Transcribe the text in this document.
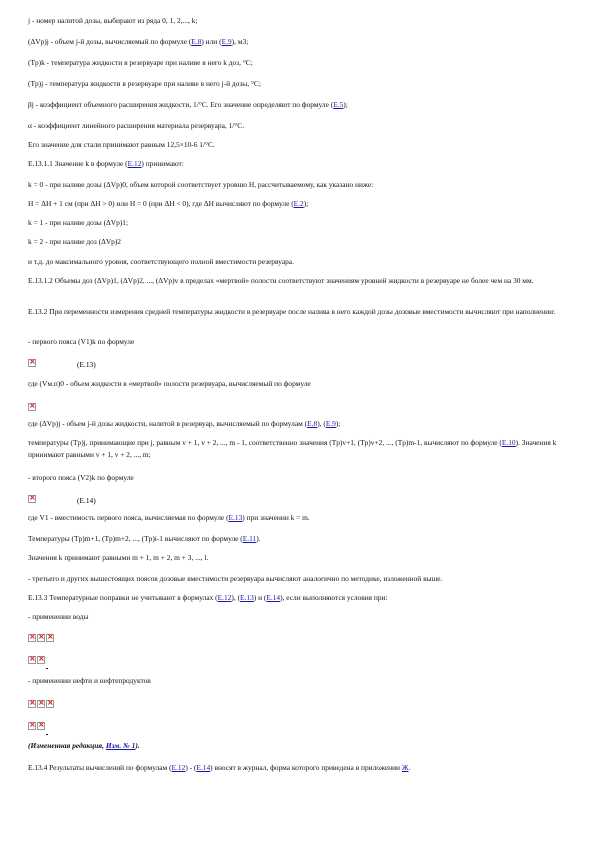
j - номер налитой дозы, выбирают из ряда 0, 1, 2,..., k;

(ΔVp)j - объем j-й дозы, вычисляемый по формуле (Е.8) или (Е.9), м3;

(Tp)k - температура жидкости в резервуаре при наливе в него k доз, °С;

(Tp)j - температура жидкости в резервуаре при наливе в него j-й дозы, °С;

βj - коэффициент объемного расширения жидкости, 1/°С. Его значение определяют по формуле (Е.5);

α - коэффициент линейного расширения материала резервуара, 1/°С.

Его значение для стали принимают равным 12,5×10-6 1/°С.

Е.13.1.1 Значение k в формуле (Е.12) принимают:

k = 0 - при наливе дозы (ΔVp)0, объем которой соответствует уровню H, рассчитываемому, как указано ниже:

H = ΔH + 1 см (при ΔH > 0) или H = 0 (при ΔH < 0), где ΔH вычисляют по формуле (Е.2);

k = 1 - при наливе дозы (ΔVp)1;

k = 2 - при наливе доз (ΔVp)2

и т.д. до максимального уровня, соответствующего полной вместимости резервуара.

Е.13.1.2 Объемы доз (ΔVp)1, (ΔVp)2, ..., (ΔVp)v в пределах «мертвой» полости соответствуют значениям уровней жидкости в резервуаре не более чем на 30 мм.

Е.13.2 При переменности измерения средней температуры жидкости в резервуаре после налива в него каждой дозы дозовые вместимости вычисляют при наполнении:

- первого пояса (V1)k по формуле

× (Е.13)

где (Vм.п)0 - объем жидкости в «мертвой» полости резервуара, вычисляемый по формуле

×

где (ΔVp)j - объем j-й дозы жидкости, налитой в резервуар, вычисляемый по формулам (Е.8), (Е.9);

температуры (Tp)j, принимающие при j, равным v + 1, v + 2, ..., m - 1, соответственно значения (Tp)v+1, (Tp)v+2, ..., (Tp)m-1, вычисляют по формуле (Е.10). Значения k принимают равными v + 1, v + 2, ..., m;

- второго пояса (V2)k по формуле

× (Е.14)

где V1 - вместимость первого пояса, вычисляемая по формуле (Е.13) при значении k = m.

Температуры (Tp)m+1, (Tp)m+2, ..., (Tp)i-1 вычисляют по формуле (Е.11).

Значения k принимают равными m + 1, m + 2, m + 3, ..., l.

- третьего и других вышестоящих поясов дозовые вместимости резервуара вычисляют аналогично по методике, изложенной выше.

Е.13.3 Температурные поправки не учитывают в формулах (Е.12), (Е.13) и (Е.14), если выполняются условия при:

- применении воды

×××
××

- применении нефти и нефтепродуктов

×××
××

(Измененная редакция, Изм. № 1).

Е.13.4 Результаты вычислений по формулам (Е.12) - (Е.14) вносят в журнал, форма которого приведена в приложении Ж.
